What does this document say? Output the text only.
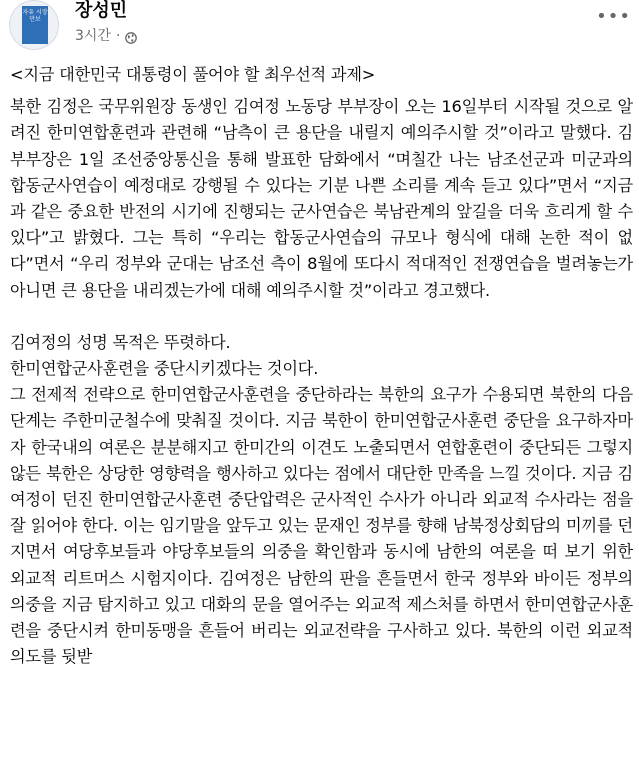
자유 시장 만보	장성민
3시간 ·
•••

<지금 대한민국 대통령이 풀어야 할 최우선적 과제>

북한 김정은 국무위원장 동생인 김여정 노동당 부부장이 오는 16일부터 시작될 것으로 알려진 한미연합훈련과 관련해 “남측이 큰 용단을 내릴지 예의주시할 것”이라고 말했다. 김 부부장은 1일 조선중앙통신을 통해 발표한 담화에서 “며칠간 나는 남조선군과 미군과의 합동군사연습이 예정대로 강행될 수 있다는 기분 나쁜 소리를 계속 듣고 있다”면서 “지금과 같은 중요한 반전의 시기에 진행되는 군사연습은 북남관계의 앞길을 더욱 흐리게 할 수 있다”고 밝혔다. 그는 특히 “우리는 합동군사연습의 규모나 형식에 대해 논한 적이 없다”면서 “우리 정부와 군대는 남조선 측이 8월에 또다시 적대적인 전쟁연습을 벌려놓는가 아니면 큰 용단을 내리겠는가에 대해 예의주시할 것”이라고 경고했다.

김여정의 성명 목적은 뚜렷하다.

한미연합군사훈련을 중단시키겠다는 것이다.

그 전제적 전략으로 한미연합군사훈련을 중단하라는 북한의 요구가 수용되면 북한의 다음 단계는 주한미군철수에 맞춰질 것이다. 지금 북한이 한미연합군사훈련 중단을 요구하자마자 한국내의 여론은 분분해지고 한미간의 이견도 노출되면서 연합훈련이 중단되든 그렇지 않든 북한은 상당한 영향력을 행사하고 있다는 점에서 대단한 만족을 느낄 것이다. 지금 김여정이 던진 한미연합군사훈련 중단압력은 군사적인 수사가 아니라 외교적 수사라는 점을 잘 읽어야 한다. 이는 임기말을 앞두고 있는 문재인 정부를 향해 남북정상회담의 미끼를 던지면서 여당후보들과 야당후보들의 의중을 확인함과 동시에 남한의 여론을 떠 보기 위한 외교적 리트머스 시험지이다. 김여정은 남한의 판을 흔들면서 한국 정부와 바이든 정부의 의중을 지금 탐지하고 있고 대화의 문을 열어주는 외교적 제스처를 하면서 한미연합군사훈련을 중단시켜 한미동맹을 흔들어 버리는 외교전략을 구사하고 있다. 북한의 이런 외교적 의도를 뒷받
